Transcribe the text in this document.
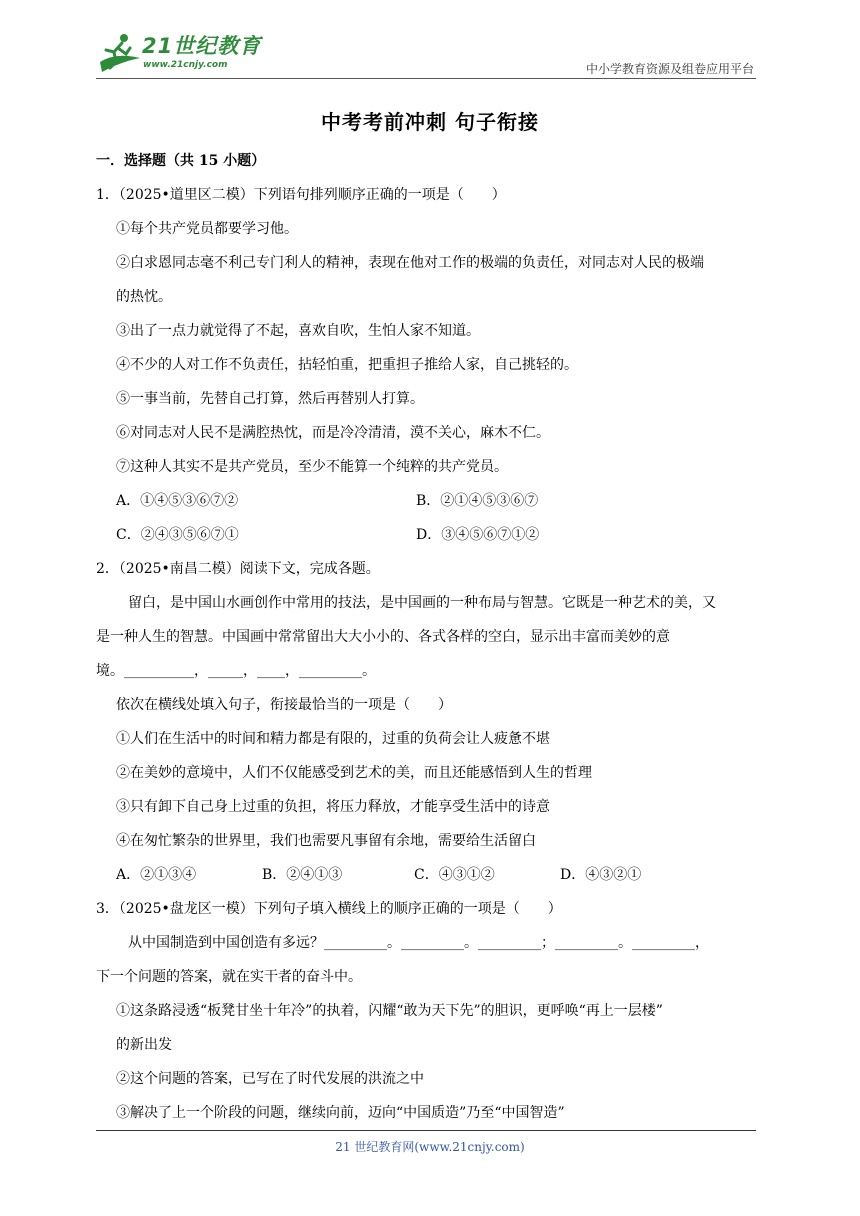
21世纪教育
www.21cnjy.com	中小学教育资源及组卷应用平台
中考考前冲刺 句子衔接
一．选择题（共 15 小题）
1．（2025•道里区二模）下列语句排列顺序正确的一项是（　　）
①每个共产党员都要学习他。
②白求恩同志毫不利己专门利人的精神，表现在他对工作的极端的负责任，对同志对人民的极端
的热忱。
③出了一点力就觉得了不起，喜欢自吹，生怕人家不知道。
④不少的人对工作不负责任，拈轻怕重，把重担子推给人家，自己挑轻的。
⑤一事当前，先替自己打算，然后再替别人打算。
⑥对同志对人民不是满腔热忱，而是冷冷清清，漠不关心，麻木不仁。
⑦这种人其实不是共产党员，至少不能算一个纯粹的共产党员。
A．①④⑤③⑥⑦②	B．②①④⑤③⑥⑦
C．②④③⑤⑥⑦①	D．③④⑤⑥⑦①②
2．（2025•南昌二模）阅读下文，完成各题。
留白，是中国山水画创作中常用的技法，是中国画的一种布局与智慧。它既是一种艺术的美，又
是一种人生的智慧。中国画中常常留出大大小小的、各式各样的空白，显示出丰富而美妙的意
境。__________，_____，____，_________。
依次在横线处填入句子，衔接最恰当的一项是（　　）
①人们在生活中的时间和精力都是有限的，过重的负荷会让人疲惫不堪
②在美妙的意境中，人们不仅能感受到艺术的美，而且还能感悟到人生的哲理
③只有卸下自己身上过重的负担，将压力释放，才能享受生活中的诗意
④在匆忙繁杂的世界里，我们也需要凡事留有余地，需要给生活留白
A．②①③④	B．②④①③	C．④③①②	D．④③②①
3．（2025•盘龙区一模）下列句子填入横线上的顺序正确的一项是（　　）
从中国制造到中国创造有多远？_________。_________。_________；_________。_________，
下一个问题的答案，就在实干者的奋斗中。
①这条路浸透“板凳甘坐十年冷”的执着，闪耀“敢为天下先”的胆识，更呼唤“再上一层楼”
的新出发
②这个问题的答案，已写在了时代发展的洪流之中
③解决了上一个阶段的问题，继续向前，迈向“中国质造”乃至“中国智造”
21 世纪教育网(www.21cnjy.com)
